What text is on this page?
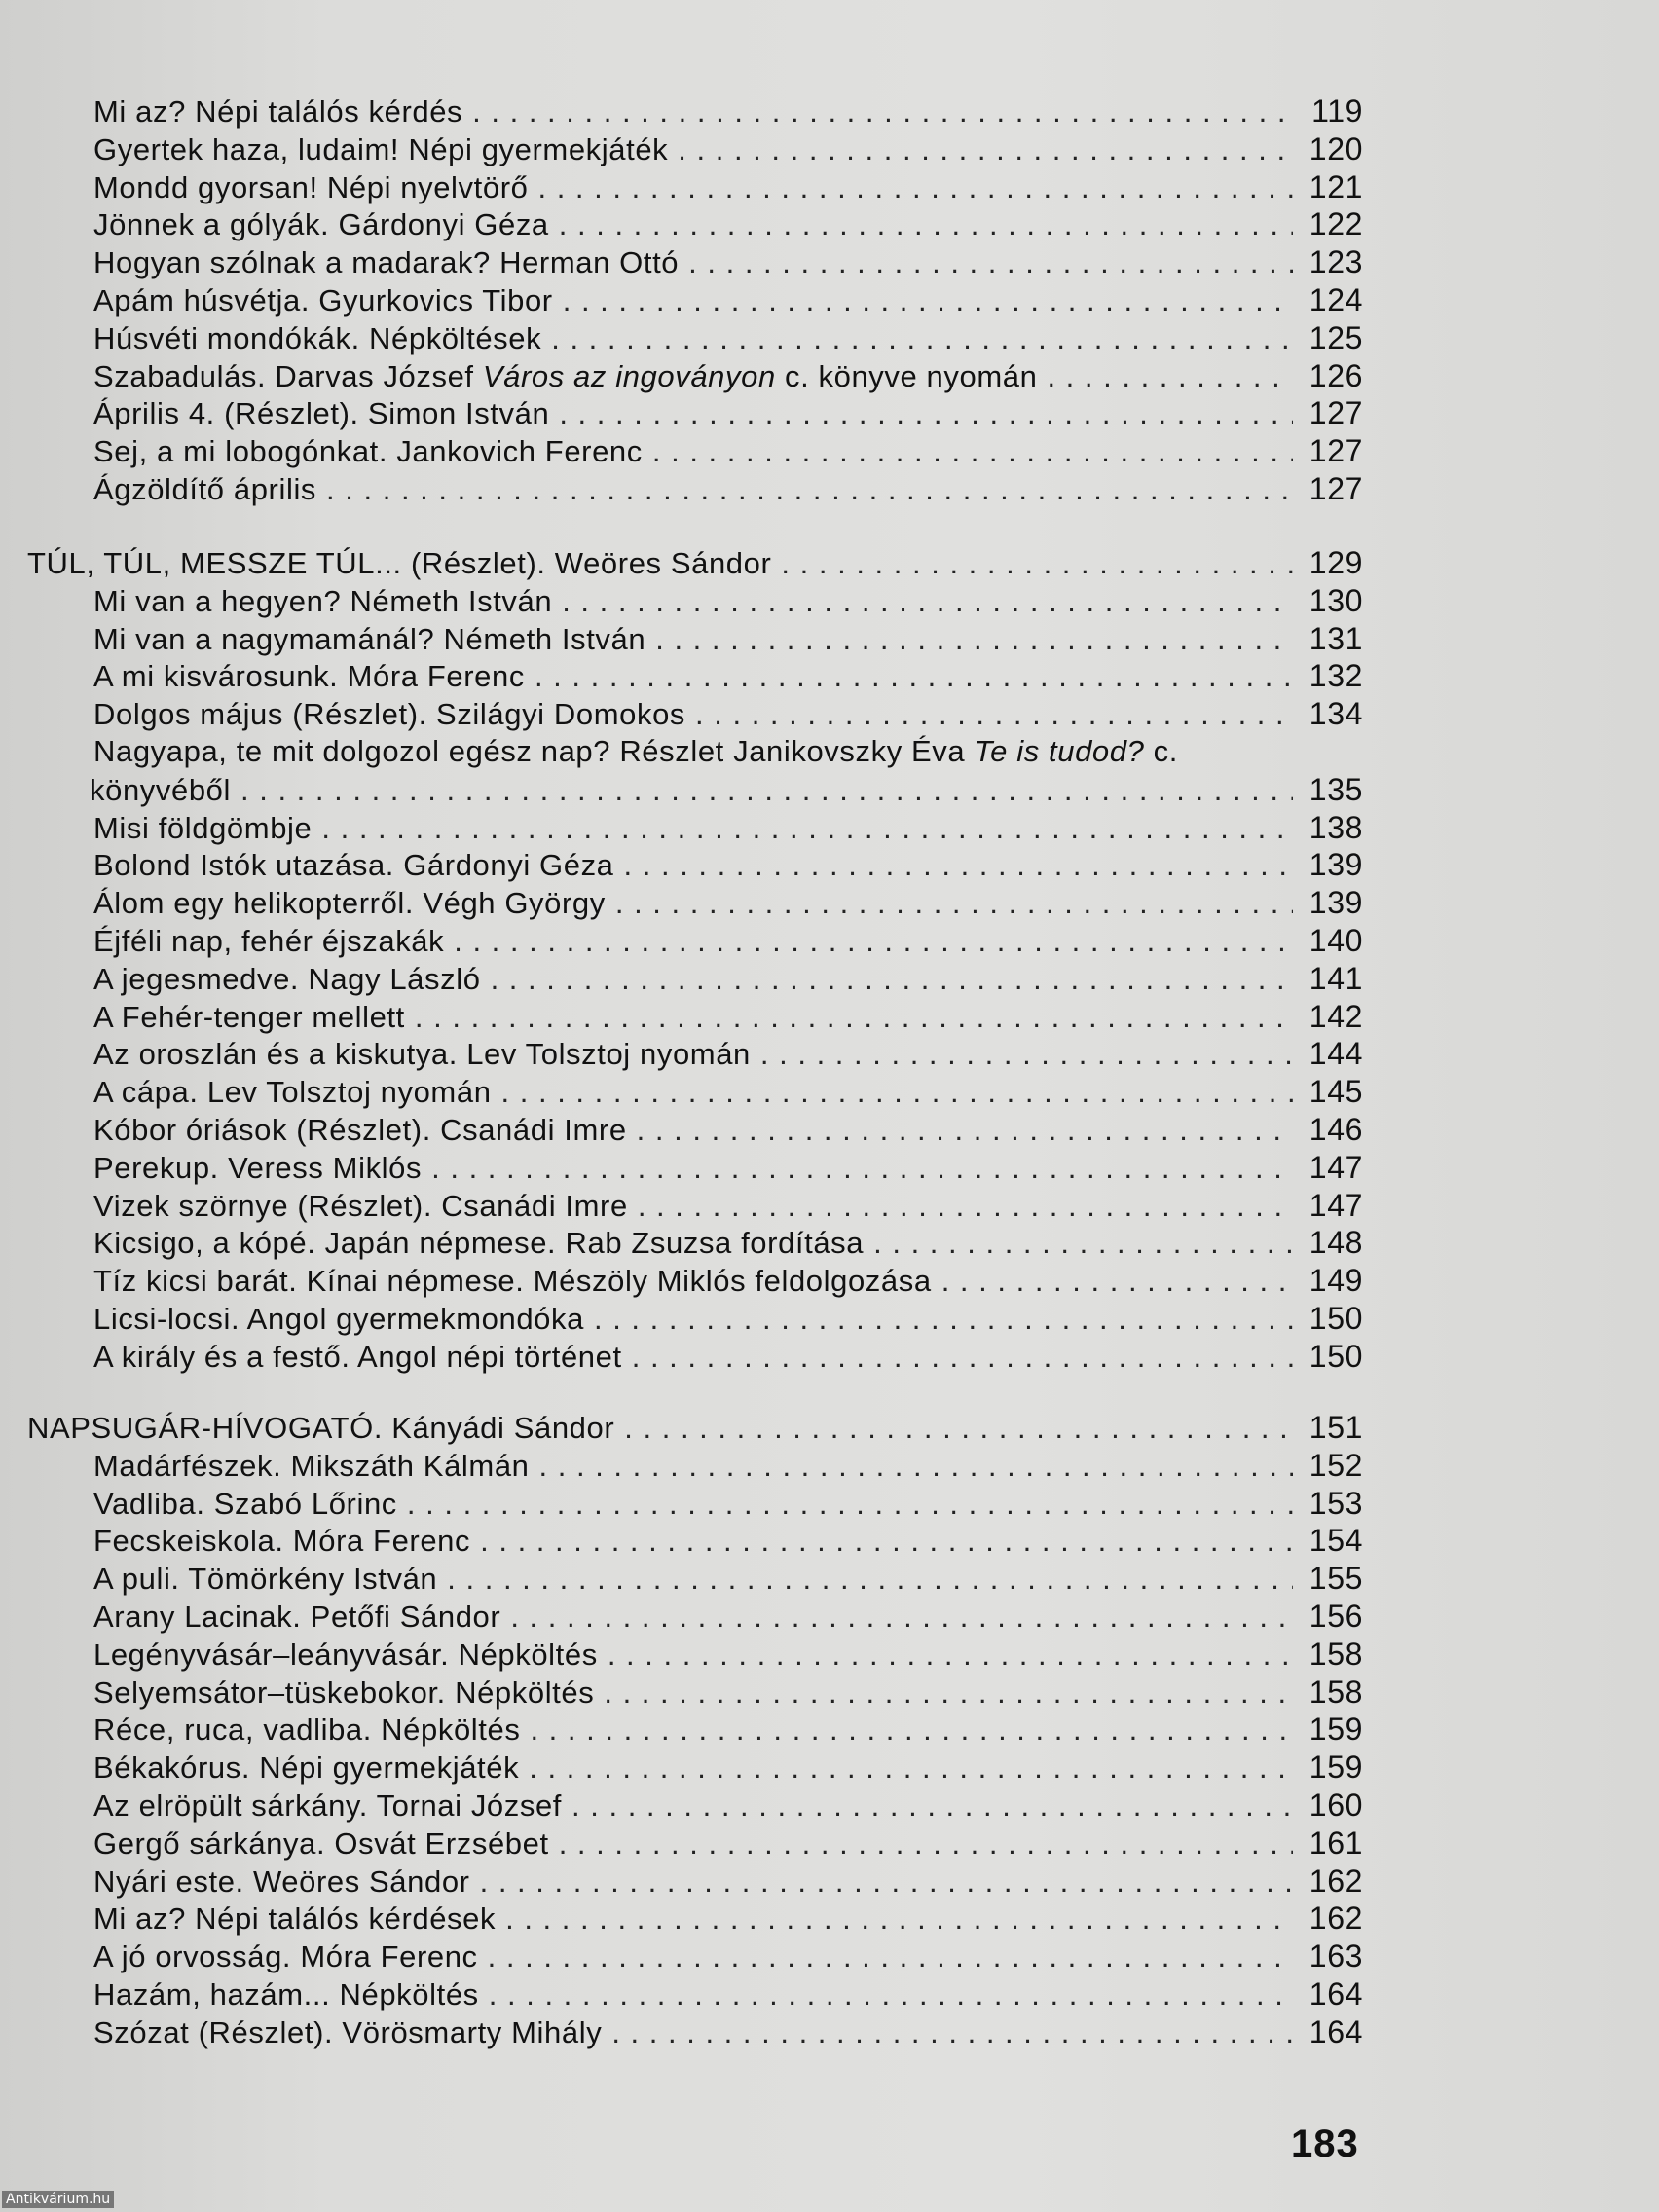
Mi az? Népi találós kérdés . . .	119
Gyertek haza, ludaim! Népi gyermekjáték . . .	120
Mondd gyorsan! Népi nyelvtörő . . .	121
Jönnek a gólyák. Gárdonyi Géza . . .	122
Hogyan szólnak a madarak? Herman Ottó . . .	123
Apám húsvétja. Gyurkovics Tibor . . .	124
Húsvéti mondókák. Népköltések . . .	125
Szabadulás. Darvas József Város az ingoványon c. könyve nyomán . . .	126
Április 4. (Részlet). Simon István . . .	127
Sej, a mi lobogónkat. Jankovich Ferenc . . .	127
Ágzöldítő április . . .	127
TÚL, TÚL, MESSZE TÚL... (Részlet). Weöres Sándor . . .	129
Mi van a hegyen? Németh István . . .	130
Mi van a nagymamánál? Németh István . . .	131
A mi kisvárosunk. Móra Ferenc . . .	132
Dolgos május (Részlet). Szilágyi Domokos . . .	134
Nagyapa, te mit dolgozol egész nap? Részlet Janikovszky Éva Te is tudod? c.
könyvéből . . .	135
Misi földgömbje . . .	138
Bolond Istók utazása. Gárdonyi Géza . . .	139
Álom egy helikopterről. Végh György . . .	139
Éjféli nap, fehér éjszakák . . .	140
A jegesmedve. Nagy László . . .	141
A Fehér-tenger mellett . . .	142
Az oroszlán és a kiskutya. Lev Tolsztoj nyomán . . .	144
A cápa. Lev Tolsztoj nyomán . . .	145
Kóbor óriások (Részlet). Csanádi Imre . . .	146
Perekup. Veress Miklós . . .	147
Vizek szörnye (Részlet). Csanádi Imre . . .	147
Kicsigo, a kópé. Japán népmese. Rab Zsuzsa fordítása . . .	148
Tíz kicsi barát. Kínai népmese. Mészöly Miklós feldolgozása . . .	149
Licsi-locsi. Angol gyermekmondóka . . .	150
A király és a festő. Angol népi történet . . .	150
NAPSUGÁR-HÍVOGATÓ. Kányádi Sándor . . .	151
Madárfészek. Mikszáth Kálmán . . .	152
Vadliba. Szabó Lőrinc . . .	153
Fecskeiskola. Móra Ferenc . . .	154
A puli. Tömörkény István . . .	155
Arany Lacinak. Petőfi Sándor . . .	156
Legényvásár–leányvásár. Népköltés . . .	158
Selyemsátor–tüskebokor. Népköltés . . .	158
Réce, ruca, vadliba. Népköltés . . .	159
Békakórus. Népi gyermekjáték . . .	159
Az elröpült sárkány. Tornai József . . .	160
Gergő sárkánya. Osvát Erzsébet . . .	161
Nyári este. Weöres Sándor . . .	162
Mi az? Népi találós kérdések . . .	162
A jó orvosság. Móra Ferenc . . .	163
Hazám, hazám... Népköltés . . .	164
Szózat (Részlet). Vörösmarty Mihály . . .	164
183
Antikvárium.hu
